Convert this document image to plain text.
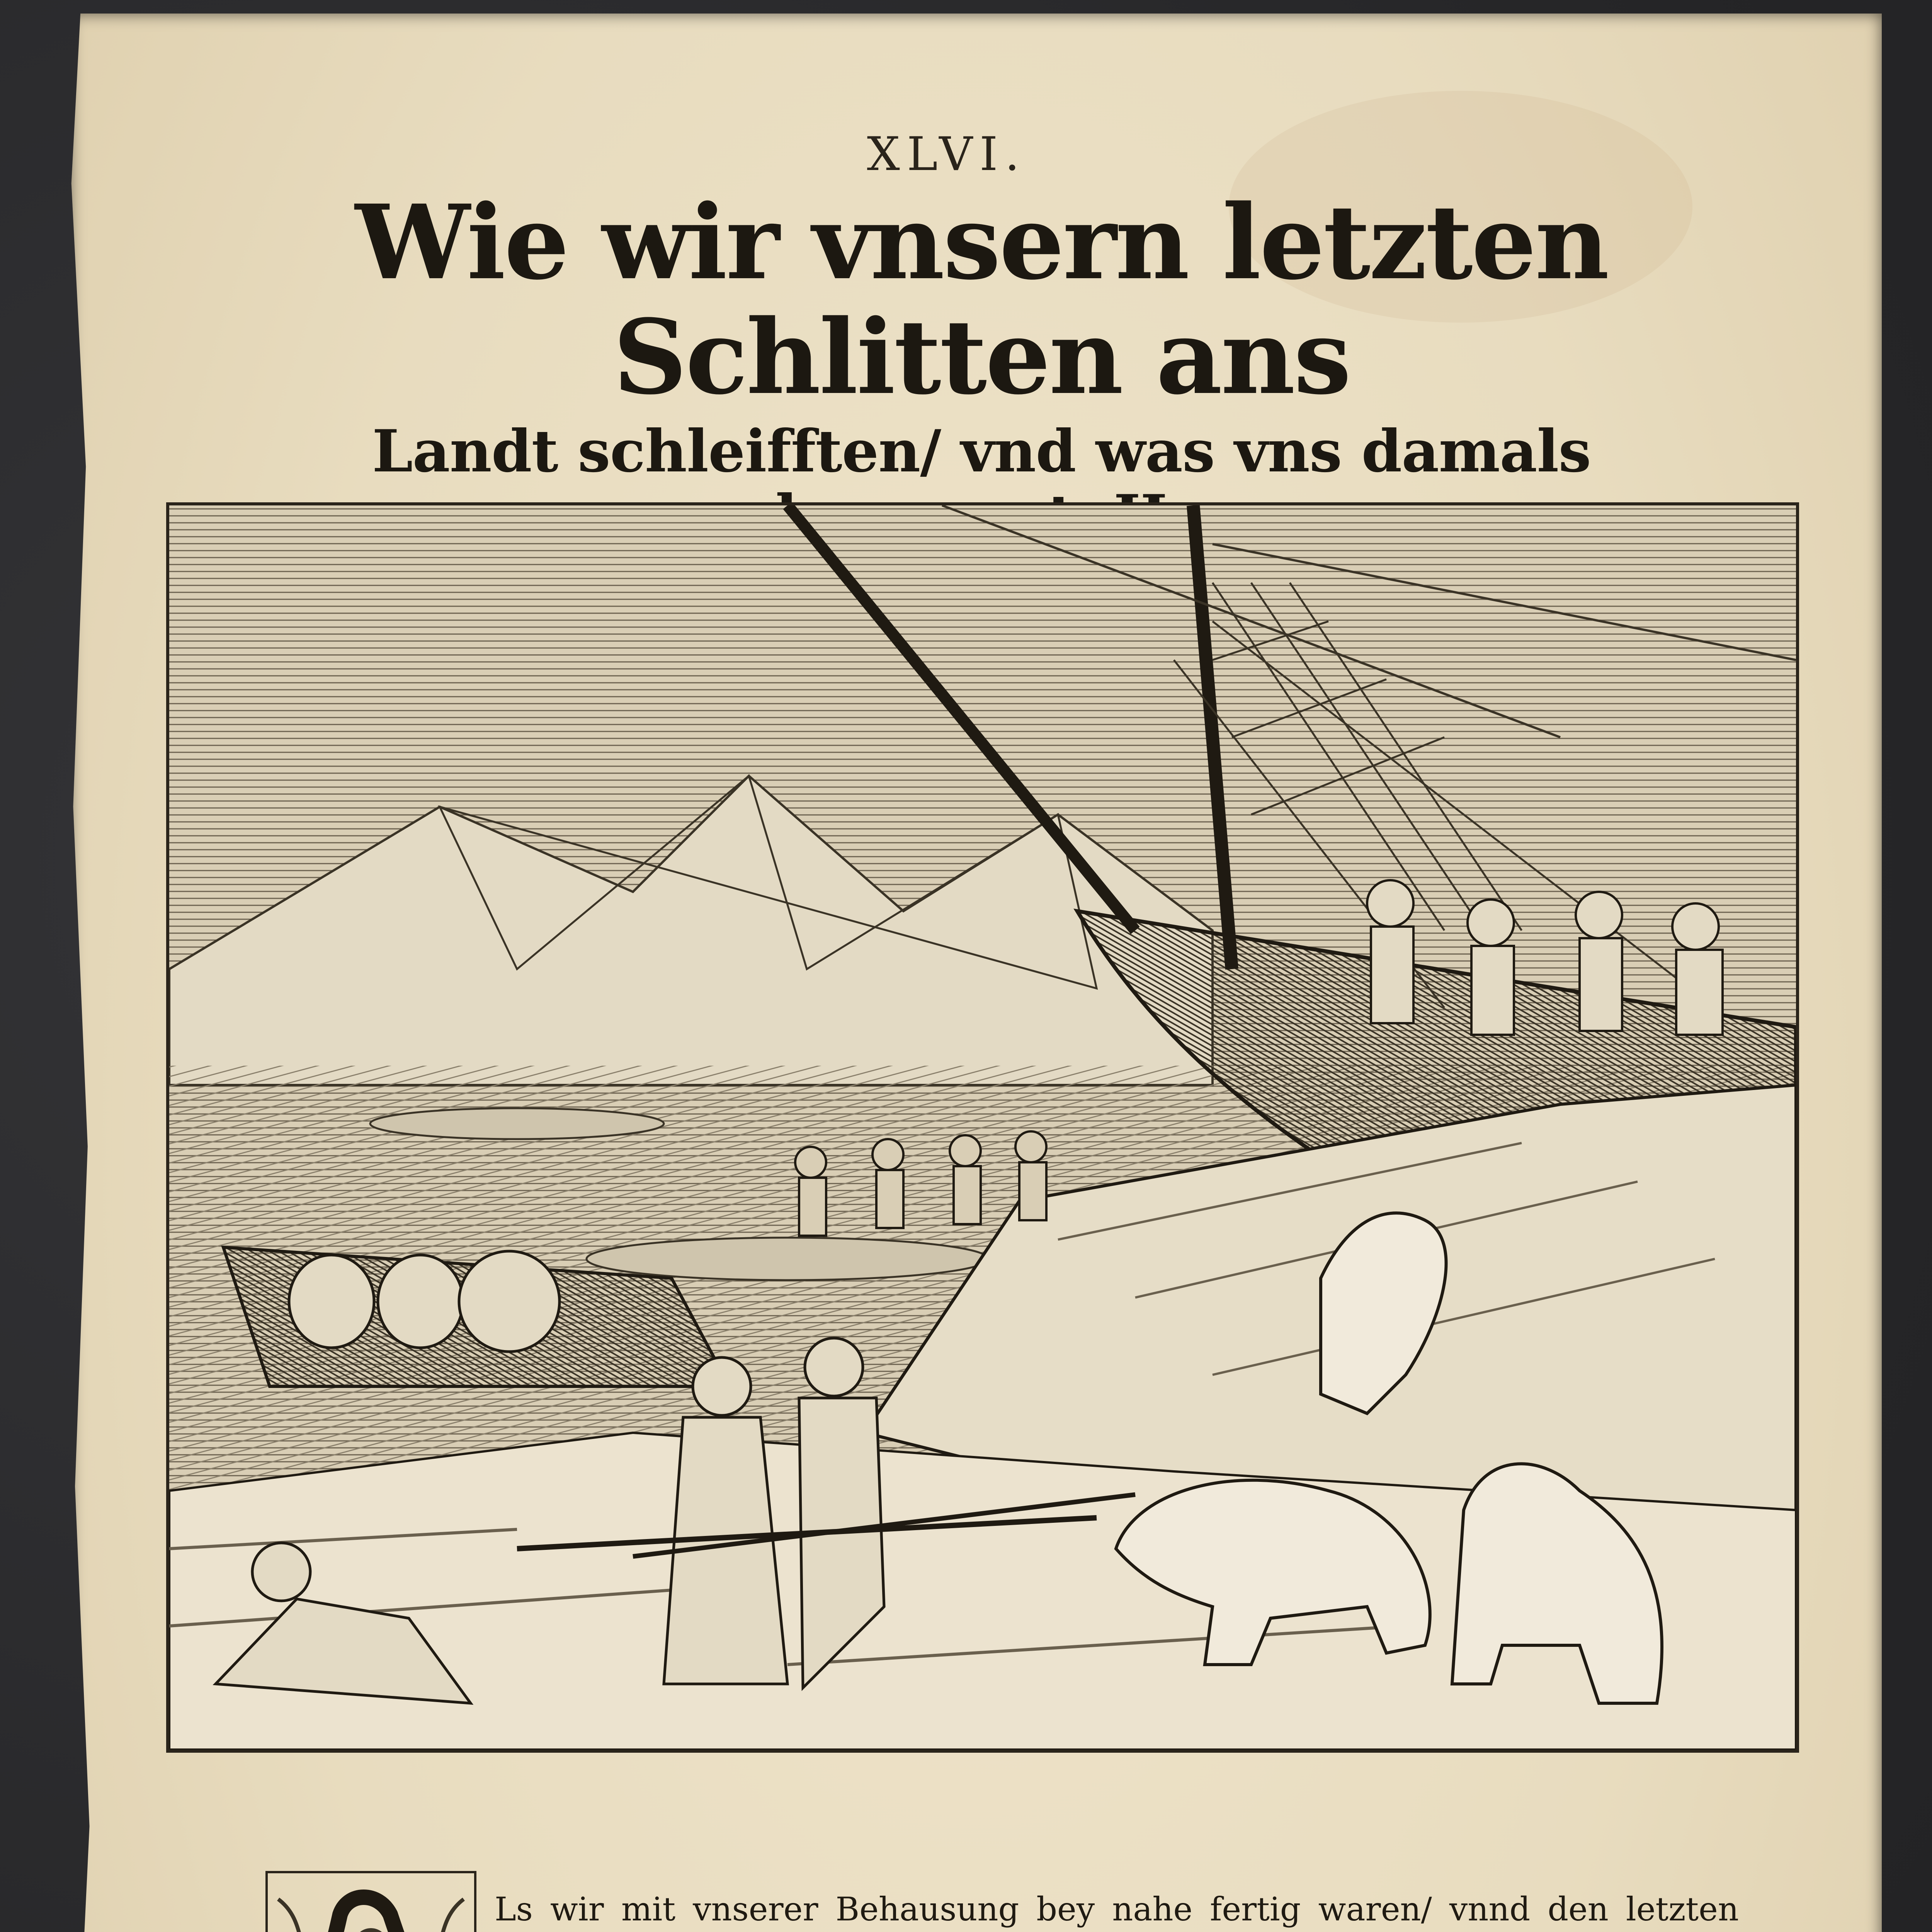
XLVI.

Wie wir vnsern letzten Schlitten ans
Landt schleifften/ vnd was vns damals

Ls wir mit vnserer Behausung bey nahe fertig waren/ vnnd den letzten
